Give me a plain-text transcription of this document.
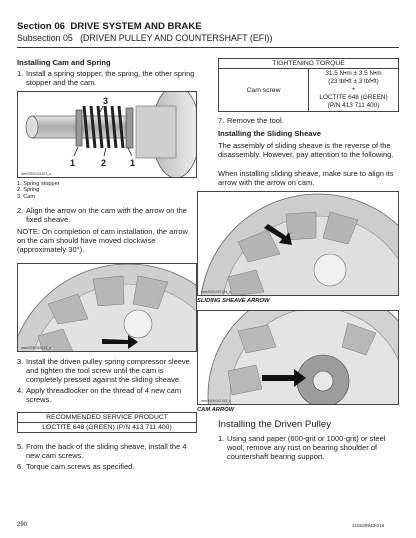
Section 06 DRIVE SYSTEM AND BRAKE
Subsection 05 (DRIVEN PULLEY AND COUNTERSHAFT (EFI))
Installing Cam and Spring
1. Install a spring stopper, the spring, the other spring stopper and the cam.
3
1	2	1
mmr2009-043-012_a
1. Spring stopper
2. Spring
3. Cam
2. Align the arrow on the cam with the arrow on the fixed sheave.
NOTE: On completion of cam installation, the arrow on the cam should have moved clockwise (approximately 30°).
mmr2009-043-013_a
3. Install the driven pulley spring compressor sleeve and tighten the tool screw until the cam is completely pressed against the sliding sheave.
4. Apply threadlocker on the thread of 4 new cam screws.
RECOMMENDED SERVICE PRODUCT
LOCTITE 648 (GREEN) (P/N 413 711 400)
5. From the back of the sliding sheave, install the 4 new cam screws.
6. Torque cam screws as specified.
TIGHTENING TORQUE
Cam screw	
31.5 N•m ± 3.5 N•m
(23 lbf•ft ± 3 lbf•ft)
+
LOCTITE 648 (GREEN)
(P/N 413 711 400)
7. Remove the tool.
Installing the Sliding Sheave
The assembly of sliding sheave is the reverse of the disassembly. However, pay attention to the following.
When installing sliding sheave, make sure to align its arrow with the arrow on cam.
mmr2009-043-014_a
SLIDING SHEAVE ARROW
mmr2009-043-015_a
CAM ARROW
Installing the Driven Pulley
1. Using sand paper (600-grit or 1000-grit) or steel wool, remove any rust on bearing shoulder of countershaft bearing support.
290	218100943-016
